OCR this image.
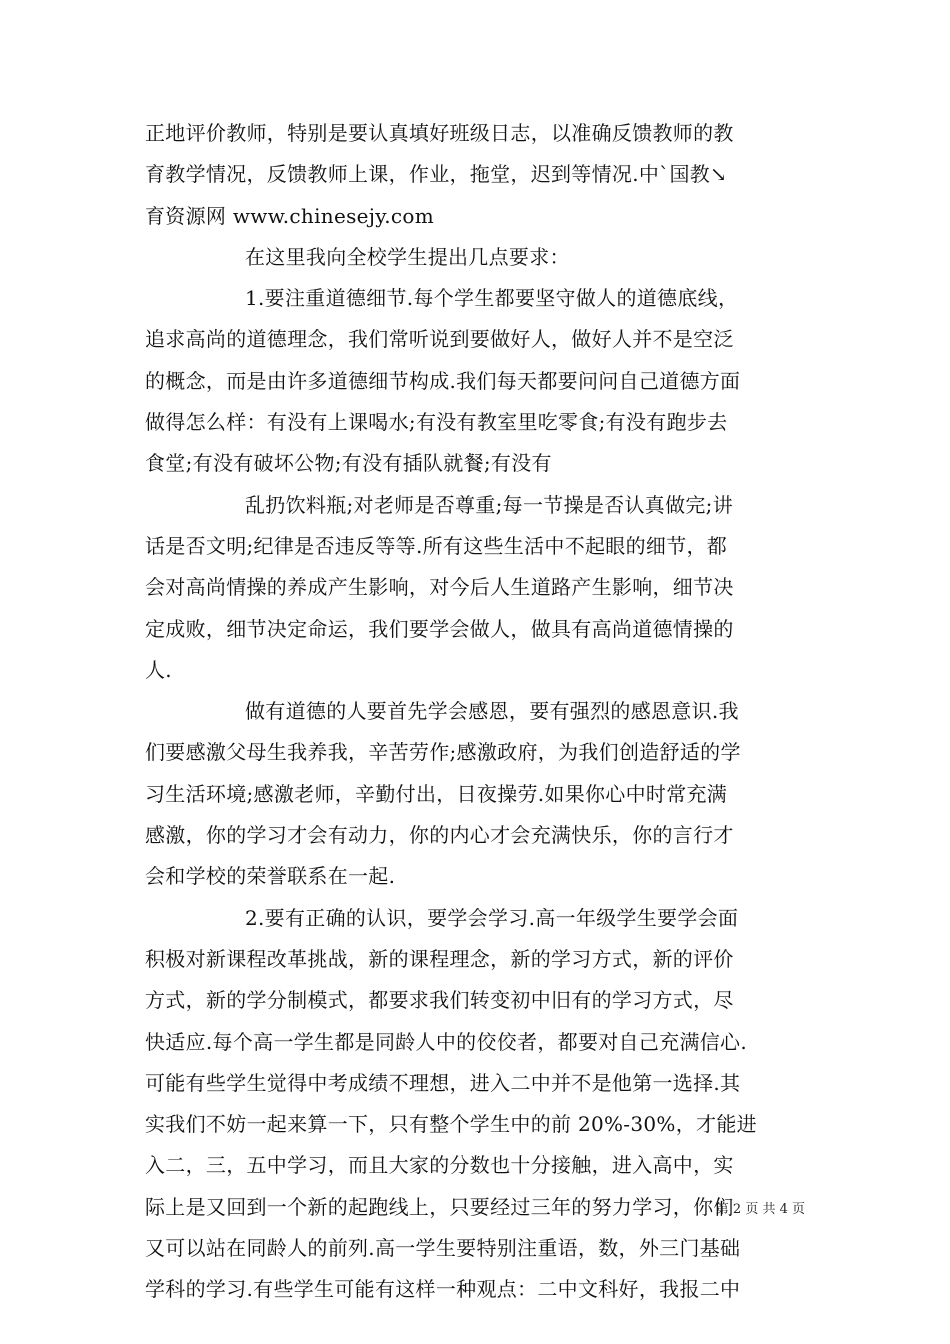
正地评价教师，特别是要认真填好班级日志，以准确反馈教师的教
育教学情况，反馈教师上课，作业，拖堂，迟到等情况.中`国教↘
育资源网 www.chinesejy.com
在这里我向全校学生提出几点要求：
1.要注重道德细节.每个学生都要坚守做人的道德底线，
追求高尚的道德理念，我们常听说到要做好人，做好人并不是空泛
的概念，而是由许多道德细节构成.我们每天都要问问自己道德方面
做得怎么样：有没有上课喝水;有没有教室里吃零食;有没有跑步去
食堂;有没有破坏公物;有没有插队就餐;有没有
乱扔饮料瓶;对老师是否尊重;每一节操是否认真做完;讲
话是否文明;纪律是否违反等等.所有这些生活中不起眼的细节，都
会对高尚情操的养成产生影响，对今后人生道路产生影响，细节决
定成败，细节决定命运，我们要学会做人，做具有高尚道德情操的
人.
做有道德的人要首先学会感恩，要有强烈的感恩意识.我
们要感激父母生我养我，辛苦劳作;感激政府，为我们创造舒适的学
习生活环境;感激老师，辛勤付出，日夜操劳.如果你心中时常充满
感激，你的学习才会有动力，你的内心才会充满快乐，你的言行才
会和学校的荣誉联系在一起.
2.要有正确的认识，要学会学习.高一年级学生要学会面
积极对新课程改革挑战，新的课程理念，新的学习方式，新的评价
方式，新的学分制模式，都要求我们转变初中旧有的学习方式，尽
快适应.每个高一学生都是同龄人中的佼佼者，都要对自己充满信心.
可能有些学生觉得中考成绩不理想，进入二中并不是他第一选择.其
实我们不妨一起来算一下，只有整个学生中的前 20%-30%，才能进
入二，三，五中学习，而且大家的分数也十分接触，进入高中，实
际上是又回到一个新的起跑线上，只要经过三年的努力学习，你们
又可以站在同龄人的前列.高一学生要特别注重语，数，外三门基础
学科的学习.有些学生可能有这样一种观点：二中文科好，我报二中
第 2 页 共 4 页
